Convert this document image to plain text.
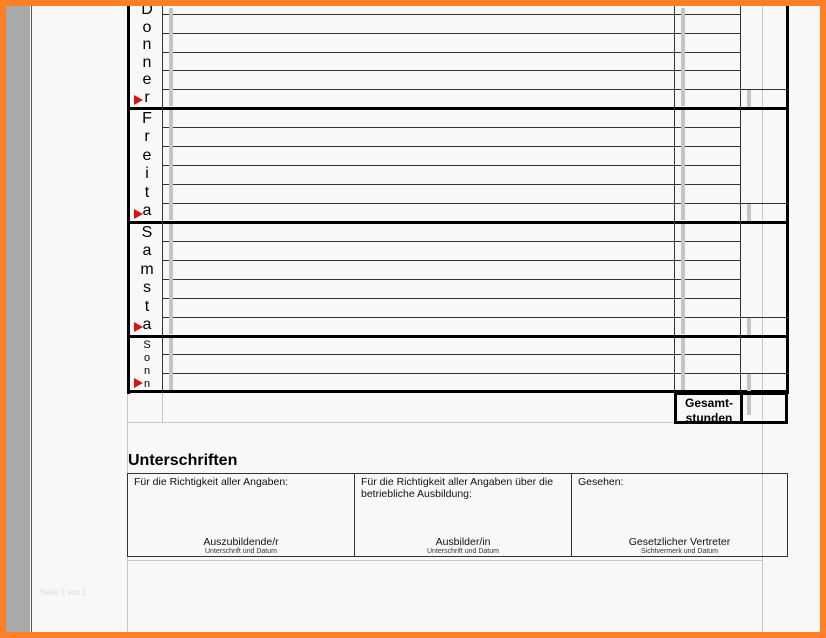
D
o
n
n
e
r
F
r
e
i
t
a
S
a
m
s
t
a
S
o
n
n
Gesamt-
stunden
Unterschriften
Für die Richtigkeit aller Angaben:
Auszubildende/r
Unterschrift und Datum
Für die Richtigkeit aller Angaben über die betriebliche Ausbildung:
Ausbilder/in
Unterschrift und Datum
Gesehen:
Gesetzlicher Vertreter
Sichtvermerk und Datum
Seite 1 von 1
